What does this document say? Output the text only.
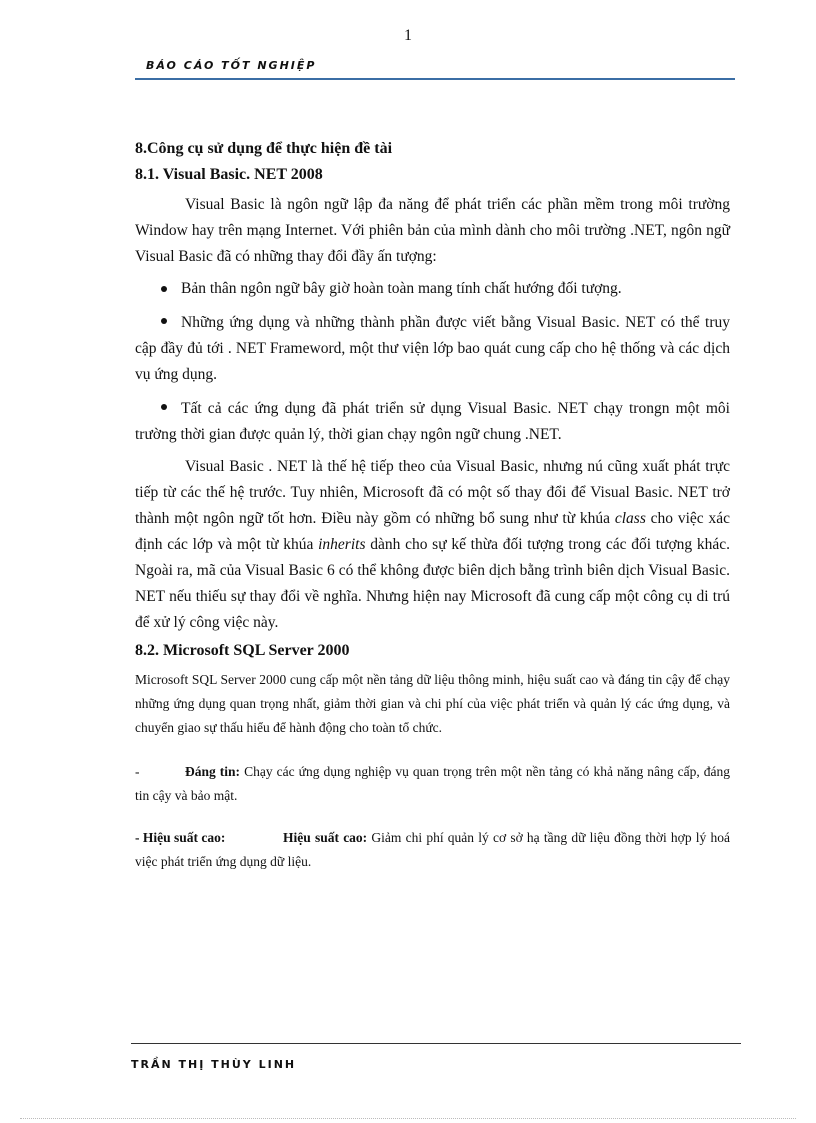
1
BÁO CÁO TỐT NGHIỆP

8.Công cụ sử dụng để thực hiện đề tài

8.1. Visual Basic. NET 2008

Visual Basic là ngôn ngữ lập đa năng để phát triển các phần mềm trong môi trường Window hay trên mạng Internet. Với phiên bản của mình dành cho môi trường .NET, ngôn ngữ Visual Basic đã có những thay đổi đầy ấn tượng:

Bản thân ngôn ngữ bây giờ hoàn toàn mang tính chất hướng đối tượng.
Những ứng dụng và những thành phần được viết bằng Visual Basic. NET có thể truy cập đầy đủ tới . NET Frameword, một thư viện lớp bao quát cung cấp cho hệ thống và các dịch vụ ứng dụng.
Tất cả các ứng dụng đã phát triển sử dụng Visual Basic. NET chạy trongn một môi trường thời gian được quản lý, thời gian chạy ngôn ngữ chung .NET.

Visual Basic . NET là thế hệ tiếp theo của Visual Basic, nhưng nú cũng xuất phát trực tiếp từ các thế hệ trước. Tuy nhiên, Microsoft đã có một số thay đổi để Visual Basic. NET trở thành một ngôn ngữ tốt hơn. Điều này gồm có những bổ sung như từ khúa class cho việc xác định các lớp và một từ khúa inherits dành cho sự kế thừa đối tượng trong các đối tượng khác. Ngoài ra, mã của Visual Basic 6 có thể không được biên dịch bằng trình biên dịch Visual Basic. NET nếu thiếu sự thay đổi về nghĩa. Nhưng hiện nay Microsoft đã cung cấp một công cụ di trú để xử lý công việc này.

8.2. Microsoft SQL Server 2000

Microsoft SQL Server 2000 cung cấp một nền tảng dữ liệu thông minh, hiệu suất cao và đáng tin cậy để chạy những ứng dụng quan trọng nhất, giảm thời gian và chi phí của việc phát triển và quản lý các ứng dụng, và chuyển giao sự thấu hiểu để hành động cho toàn tổ chức.

-	Đáng tin: Chạy các ứng dụng nghiệp vụ quan trọng trên một nền tảng có khả năng nâng cấp, đáng tin cậy và bảo mật.

- Hiệu suất cao:	Hiệu suất cao: Giảm chi phí quản lý cơ sở hạ tầng dữ liệu đồng thời hợp lý hoá việc phát triển ứng dụng dữ liệu.

TRẦN THỊ THÙY LINH
